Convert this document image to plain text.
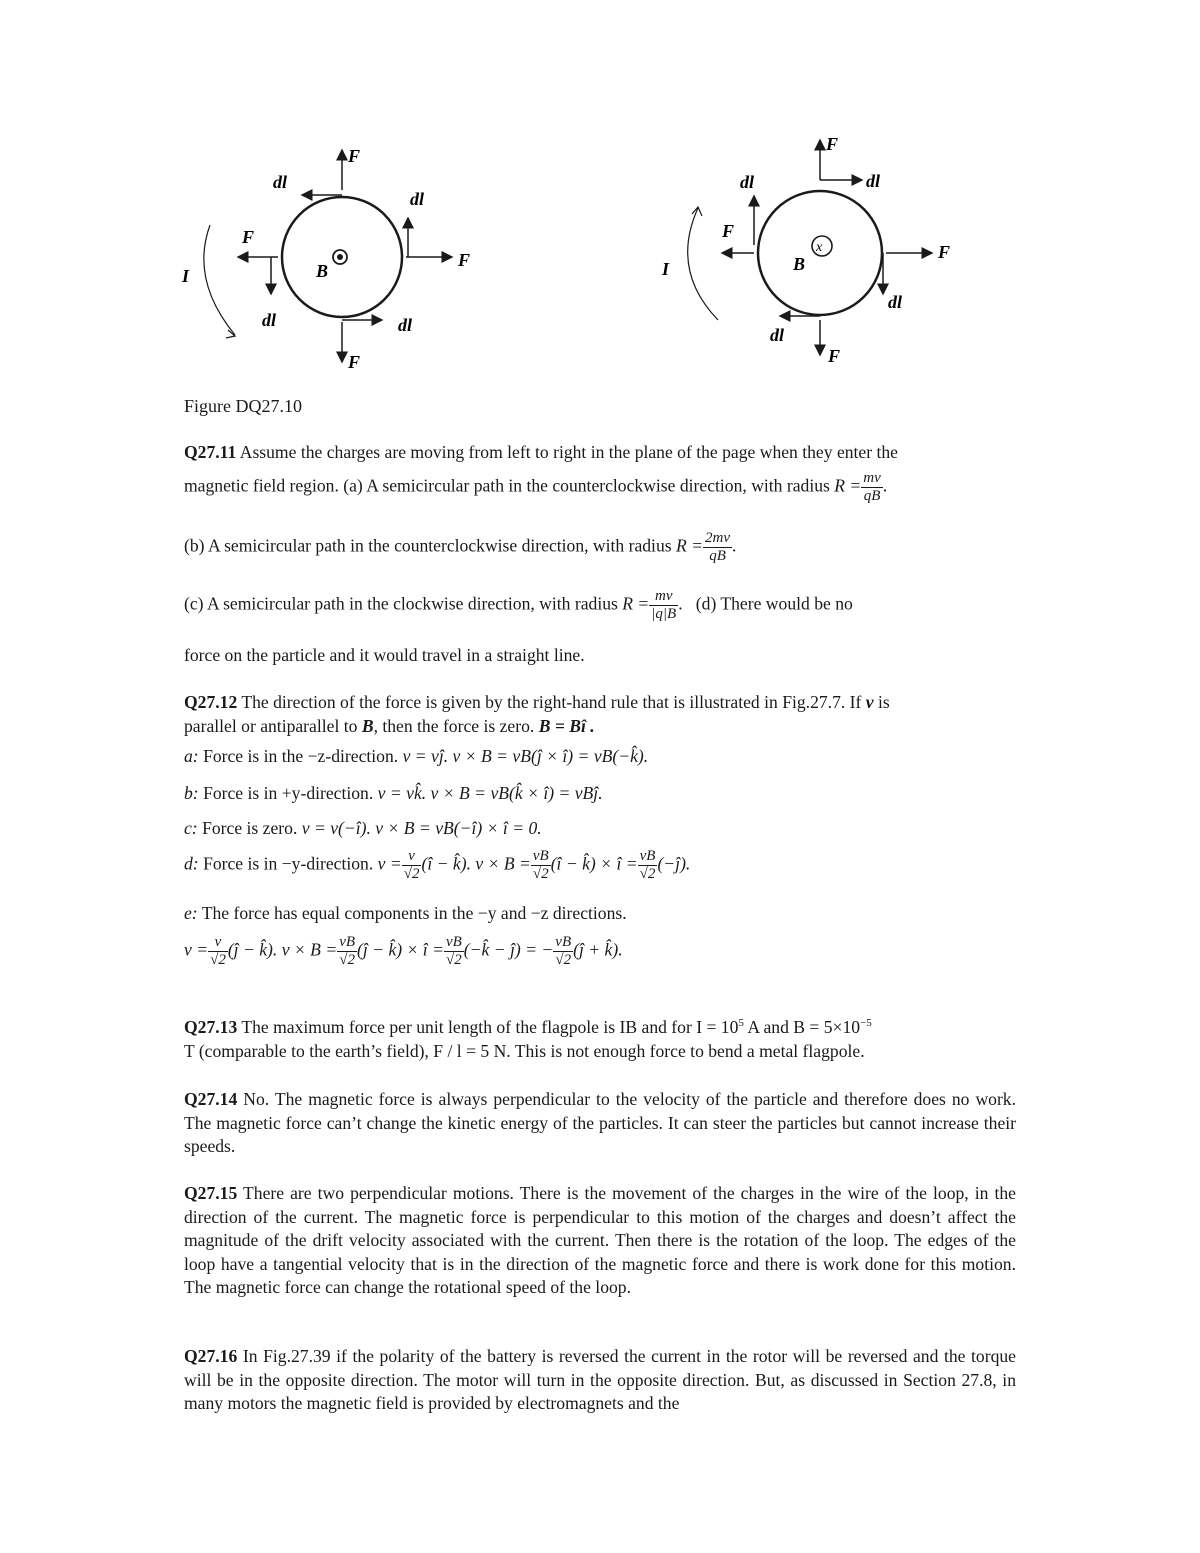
F
dl
dl
F
F
B
I
dl	dl
F
x
F
dl
dl
F
F
B
I
dl
dl
F
Figure DQ27.10
Q27.11 Assume the charges are moving from left to right in the plane of the page when they enter the
magnetic field region. (a) A semicircular path in the counterclockwise direction, with radius $R = \frac{mv}{qB}$ .
(b) A semicircular path in the counterclockwise direction, with radius $R = \frac{2mv}{qB}$ .
(c) A semicircular path in the clockwise direction, with radius $R = \frac{mv}{|q|B}$ .   (d) There would be no
force on the particle and it would travel in a straight line.
Q27.12 The direction of the force is given by the right-hand rule that is illustrated in Fig.27.7. If v is
parallel or antiparallel to B, then the force is zero. B = Bî .
a: Force is in the −z-direction. v = vĵ. v × B = vB(ĵ × î) = vB(−k̂).
b: Force is in +y-direction. v = vk̂. v × B = vB(k̂ × î) = vBĵ.
c: Force is zero. v = v(−î). v × B = vB(−î) × î = 0.
d: Force is in −y-direction. $v = \frac{v}{√2}$ (î − k̂). $v \times B = \frac{vB}{√2}$ (î − k̂) × î = $\frac{vB}{√2}$ (−ĵ).
e: The force has equal components in the −y and −z directions.
$v = \frac{v}{√2}$ (ĵ − k̂). $v \times B = \frac{vB}{√2}$ (ĵ − k̂) × î = $\frac{vB}{√2}$ (−k̂ − ĵ) = − $\frac{vB}{√2}$ (ĵ + k̂).
Q27.13 The maximum force per unit length of the flagpole is IB and for $I = 10^5$ A and $B = 5\times 10^{-5}$
T (comparable to the earth’s field), F / l = 5 N. This is not enough force to bend a metal flagpole.
Q27.14 No. The magnetic force is always perpendicular to the velocity of the particle and therefore does no work. The magnetic force can’t change the kinetic energy of the particles. It can steer the particles but cannot increase their speeds.
Q27.15 There are two perpendicular motions. There is the movement of the charges in the wire of the loop, in the direction of the current. The magnetic force is perpendicular to this motion of the charges and doesn’t affect the magnitude of the drift velocity associated with the current. Then there is the rotation of the loop. The edges of the loop have a tangential velocity that is in the direction of the magnetic force and there is work done for this motion. The magnetic force can change the rotational speed of the loop.
Q27.16 In Fig.27.39 if the polarity of the battery is reversed the current in the rotor will be reversed and the torque will be in the opposite direction. The motor will turn in the opposite direction. But, as discussed in Section 27.8, in many motors the magnetic field is provided by electromagnets and the
